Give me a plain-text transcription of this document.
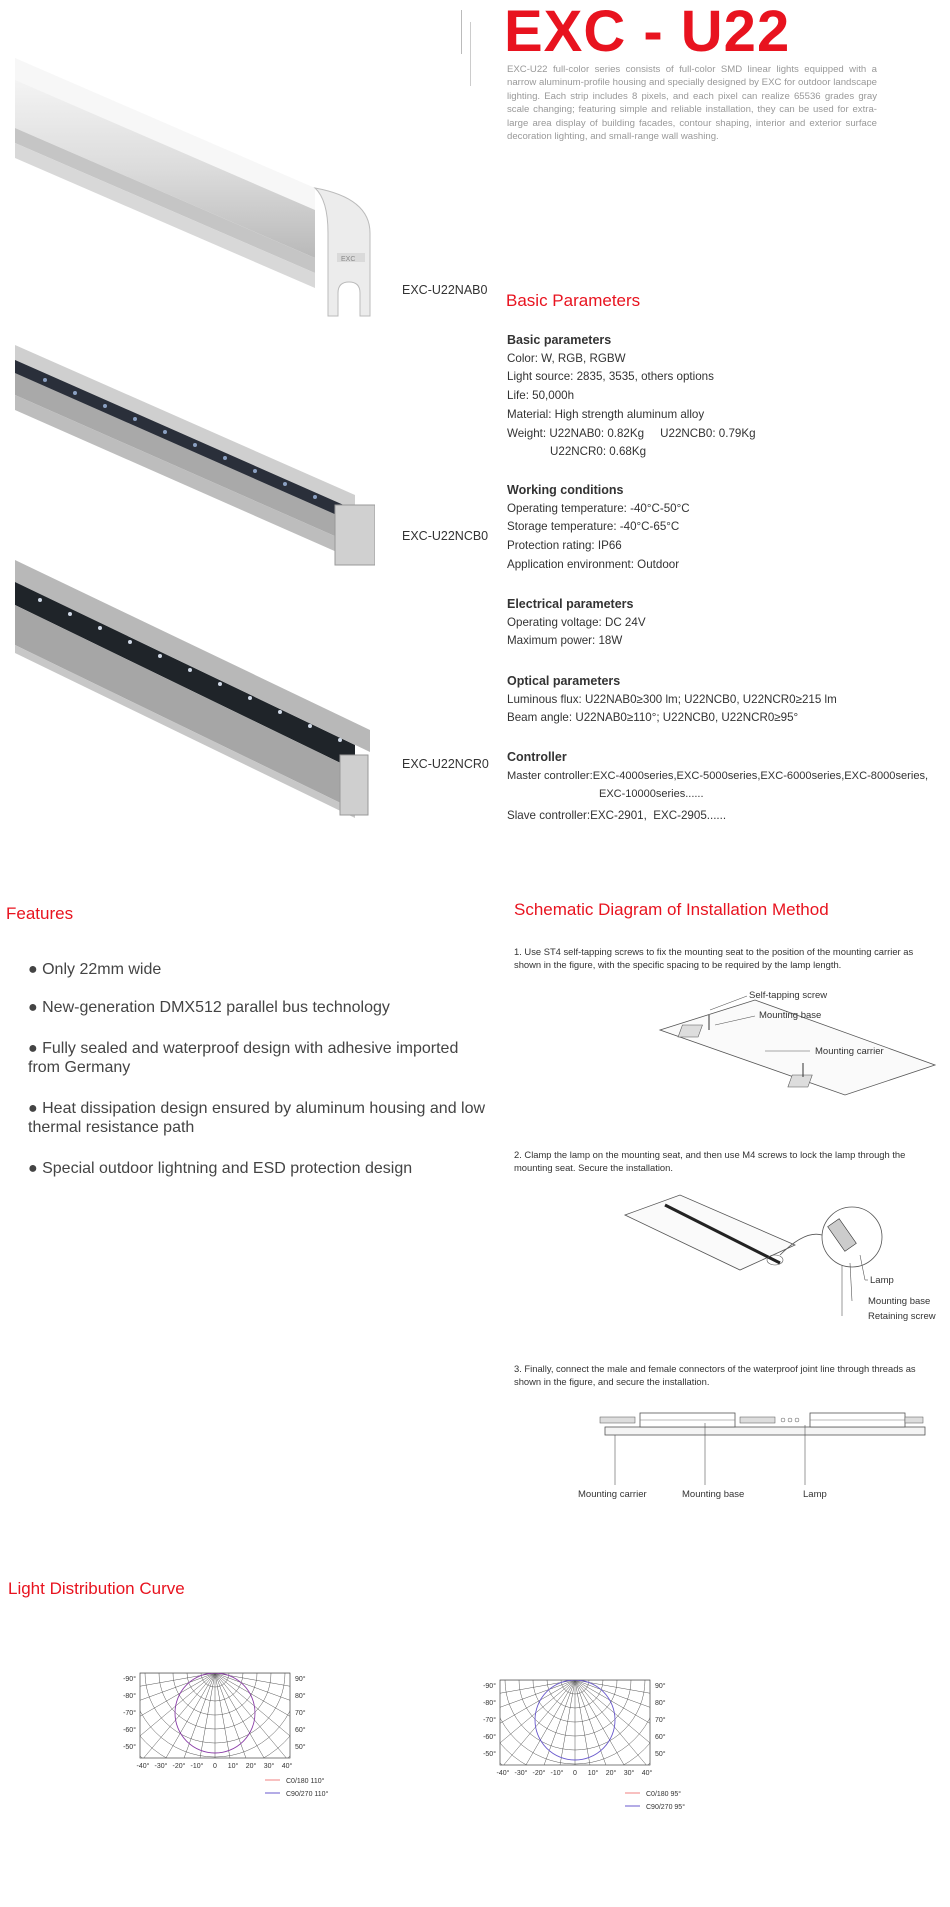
EXC - U22
EXC-U22 full-color series consists of full-color SMD linear lights equipped with a narrow aluminum-profile housing and specially designed by EXC for outdoor landscape lighting. Each strip includes 8 pixels, and each pixel can realize 65536 grades gray scale changing; featuring simple and reliable installation, they can be used for extra-large area display of building facades, contour shaping, interior and exterior surface decoration lighting, and small-range wall washing.
EXC
EXC-U22NAB0
EXC-U22NCB0
EXC-U22NCR0
Basic Parameters
Basic parameters
Color: W, RGB, RGBW
Light source: 2835, 3535, others options
Life: 50,000h
Material: High strength aluminum alloy
Weight: U22NAB0: 0.82Kg     U22NCB0: 0.79Kg
U22NCR0: 0.68Kg
Working conditions
Operating temperature: -40°C-50°C
Storage temperature: -40°C-65°C
Protection rating: IP66
Application environment: Outdoor
Electrical parameters
Operating voltage: DC 24V
Maximum power: 18W
Optical parameters
Luminous flux: U22NAB0≥300 lm; U22NCB0, U22NCR0≥215 lm
Beam angle: U22NAB0≥110°; U22NCB0, U22NCR0≥95°
Controller
Master controller:EXC-4000series,EXC-5000series,EXC-6000series,EXC-8000series,
EXC-10000series......
Slave controller:EXC-2901,  EXC-2905......
Features
● Only 22mm wide
● New-generation DMX512 parallel bus technology
● Fully sealed and waterproof design with adhesive imported from Germany
● Heat dissipation design ensured by aluminum housing and low thermal resistance path
● Special outdoor lightning and ESD protection design
Schematic Diagram of Installation Method
1. Use ST4 self-tapping screws to fix the mounting seat to the position of the mounting carrier as shown in the figure, with the specific spacing to be required by the lamp length.
Self-tapping screw
Mounting base
Mounting carrier
2. Clamp the lamp on the mounting seat, and then use M4 screws to lock the lamp through the mounting seat. Secure the installation.
Lamp
Mounting base
Retaining screw
3. Finally, connect the male and female connectors of the waterproof joint line through threads as shown in the figure, and secure the installation.
Mounting carrier	Mounting base	Lamp
Light Distribution Curve
-90°
-80°
-70°
-60°
-50°
90°
80°
70°
60°
50°
-40° -30° -20° -10° 0 10° 20° 30° 40°
C0/180 110°
C90/270 110°
-90°
-80°
-70°
-60°
-50°
90°
80°
70°
60°
50°
-40° -30° -20° -10° 0 10° 20° 30° 40°
C0/180 95°
C90/270 95°
